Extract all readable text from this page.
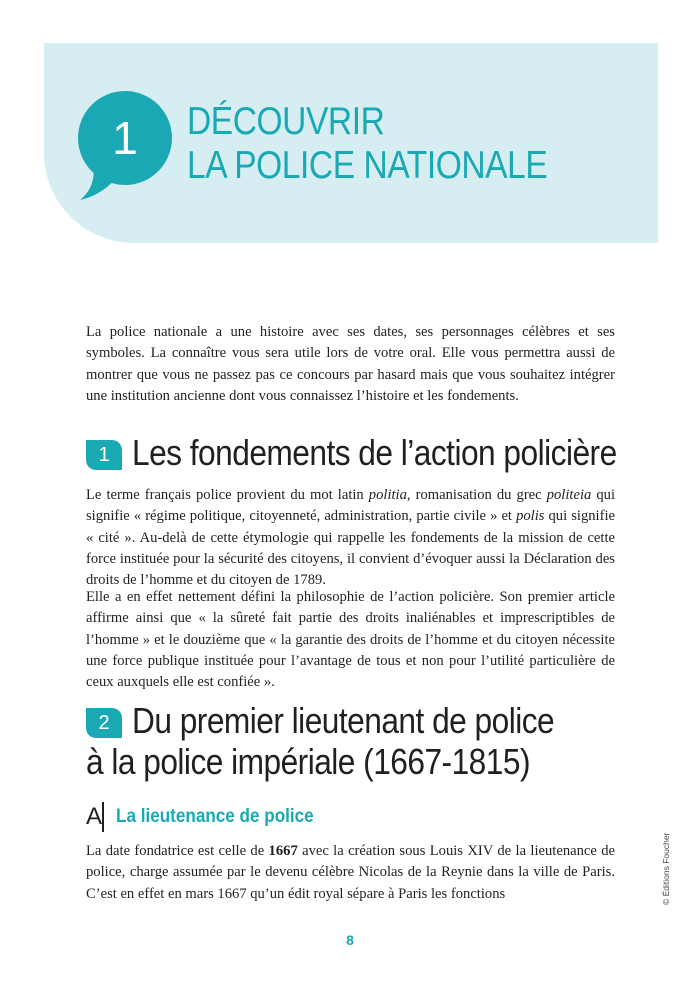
1	DÉCOUVRIR
LA POLICE NATIONALE

La police nationale a une histoire avec ses dates, ses personnages célèbres et ses symboles. La connaître vous sera utile lors de votre oral. Elle vous permettra aussi de montrer que vous ne passez pas ce concours par hasard mais que vous souhaitez intégrer une institution ancienne dont vous connaissez l’histoire et les fondements.

1 Les fondements de l’action policière

Le terme français police provient du mot latin politia, romanisation du grec politeia qui signifie « régime politique, citoyenneté, administration, partie civile » et polis qui signifie « cité ». Au-delà de cette étymologie qui rappelle les fondements de la mission de cette force instituée pour la sécurité des citoyens, il convient d’évoquer aussi la Déclaration des droits de l’homme et du citoyen de 1789.

Elle a en effet nettement défini la philosophie de l’action policière. Son premier article affirme ainsi que « la sûreté fait partie des droits inaliénables et imprescriptibles de l’homme » et le douzième que « la garantie des droits de l’homme et du citoyen nécessite une force publique instituée pour l’avantage de tous et non pour l’utilité particulière de ceux auxquels elle est confiée ».

2 Du premier lieutenant de police
à la police impériale (1667-1815)
A La lieutenance de police

La date fondatrice est celle de 1667 avec la création sous Louis XIV de la lieutenance de police, charge assumée par le devenu célèbre Nicolas de la Reynie dans la ville de Paris. C’est en effet en mars 1667 qu’un édit royal sépare à Paris les fonctions

8
© Éditions Foucher
